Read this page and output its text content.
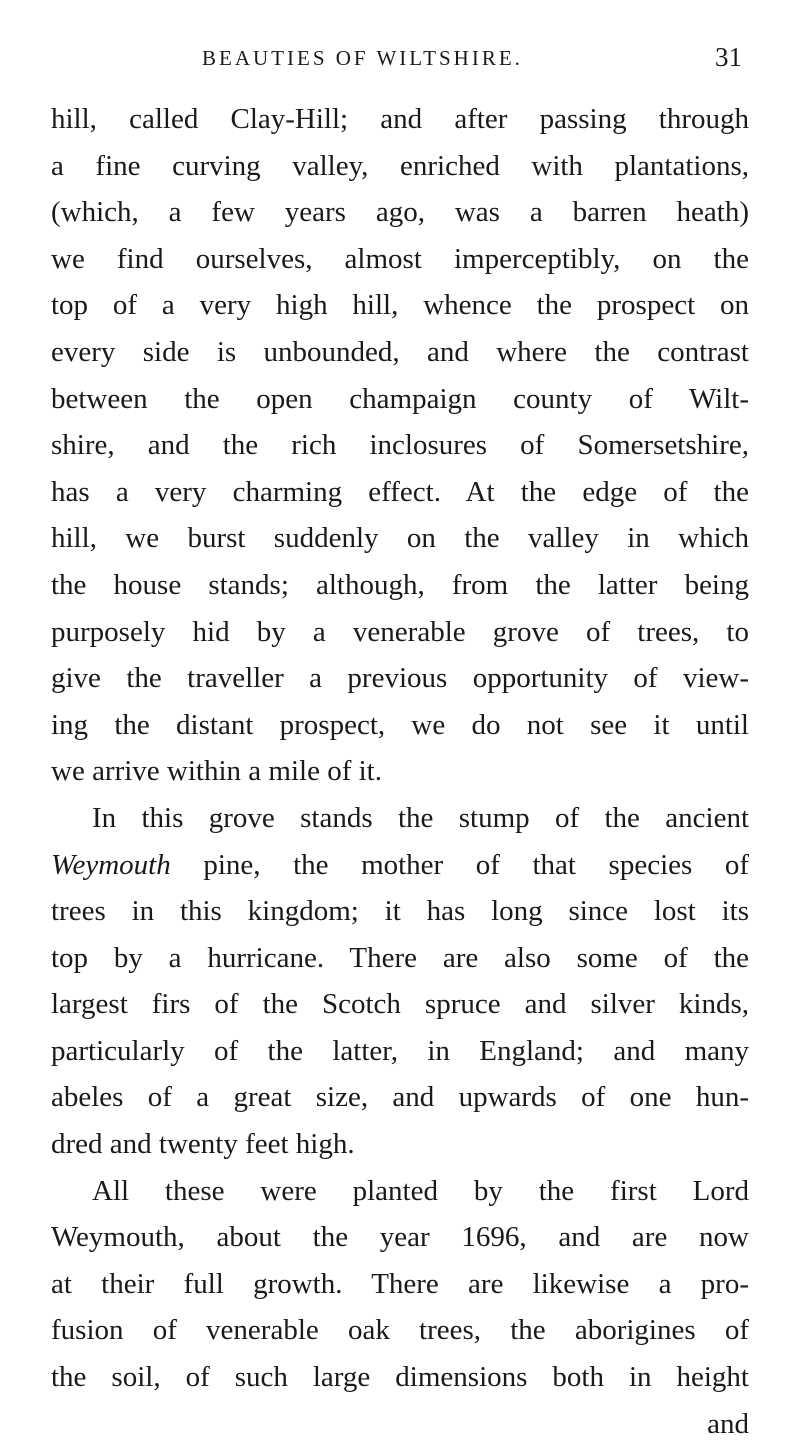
BEAUTIES OF WILTSHIRE.	31
hill, called Clay-Hill; and after passing through
a fine curving valley, enriched with plantations,
(which, a few years ago, was a barren heath)
we find ourselves, almost imperceptibly, on the
top of a very high hill, whence the prospect on
every side is unbounded, and where the contrast
between the open champaign county of Wilt-
shire, and the rich inclosures of Somersetshire,
has a very charming effect. At the edge of the
hill, we burst suddenly on the valley in which
the house stands; although, from the latter being
purposely hid by a venerable grove of trees, to
give the traveller a previous opportunity of view-
ing the distant prospect, we do not see it until
we arrive within a mile of it.
In this grove stands the stump of the ancient
Weymouth pine, the mother of that species of
trees in this kingdom; it has long since lost its
top by a hurricane. There are also some of the
largest firs of the Scotch spruce and silver kinds,
particularly of the latter, in England; and many
abeles of a great size, and upwards of one hun-
dred and twenty feet high.
All these were planted by the first Lord
Weymouth, about the year 1696, and are now
at their full growth. There are likewise a pro-
fusion of venerable oak trees, the aborigines of
the soil, of such large dimensions both in height
and
